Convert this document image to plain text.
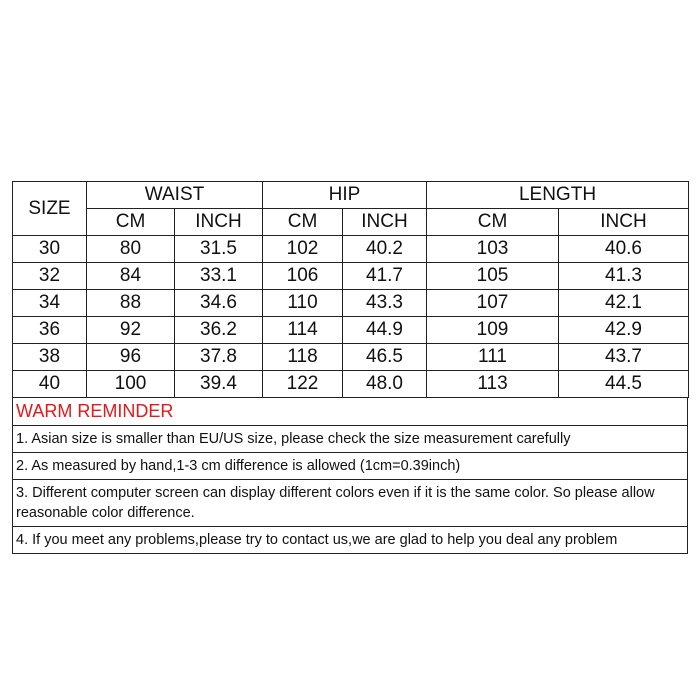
SIZE	WAIST		HIP		LENGTH	
	CM	INCH	CM	INCH	CM	INCH
30	80	31.5	102	40.2	103	40.6
32	84	33.1	106	41.7	105	41.3
34	88	34.6	110	43.3	107	42.1
36	92	36.2	114	44.9	109	42.9
38	96	37.8	118	46.5	111	43.7
40	100	39.4	122	48.0	113	44.5
WARM REMINDER
1. Asian size is smaller than EU/US size, please check the size measurement carefully
2. As measured by hand,1-3 cm difference is allowed (1cm=0.39inch)
3. Different computer screen can display different colors even if it is the same color. So please allow reasonable color difference.
4. If you meet any problems,please try to contact us,we are glad to help you deal any problem
